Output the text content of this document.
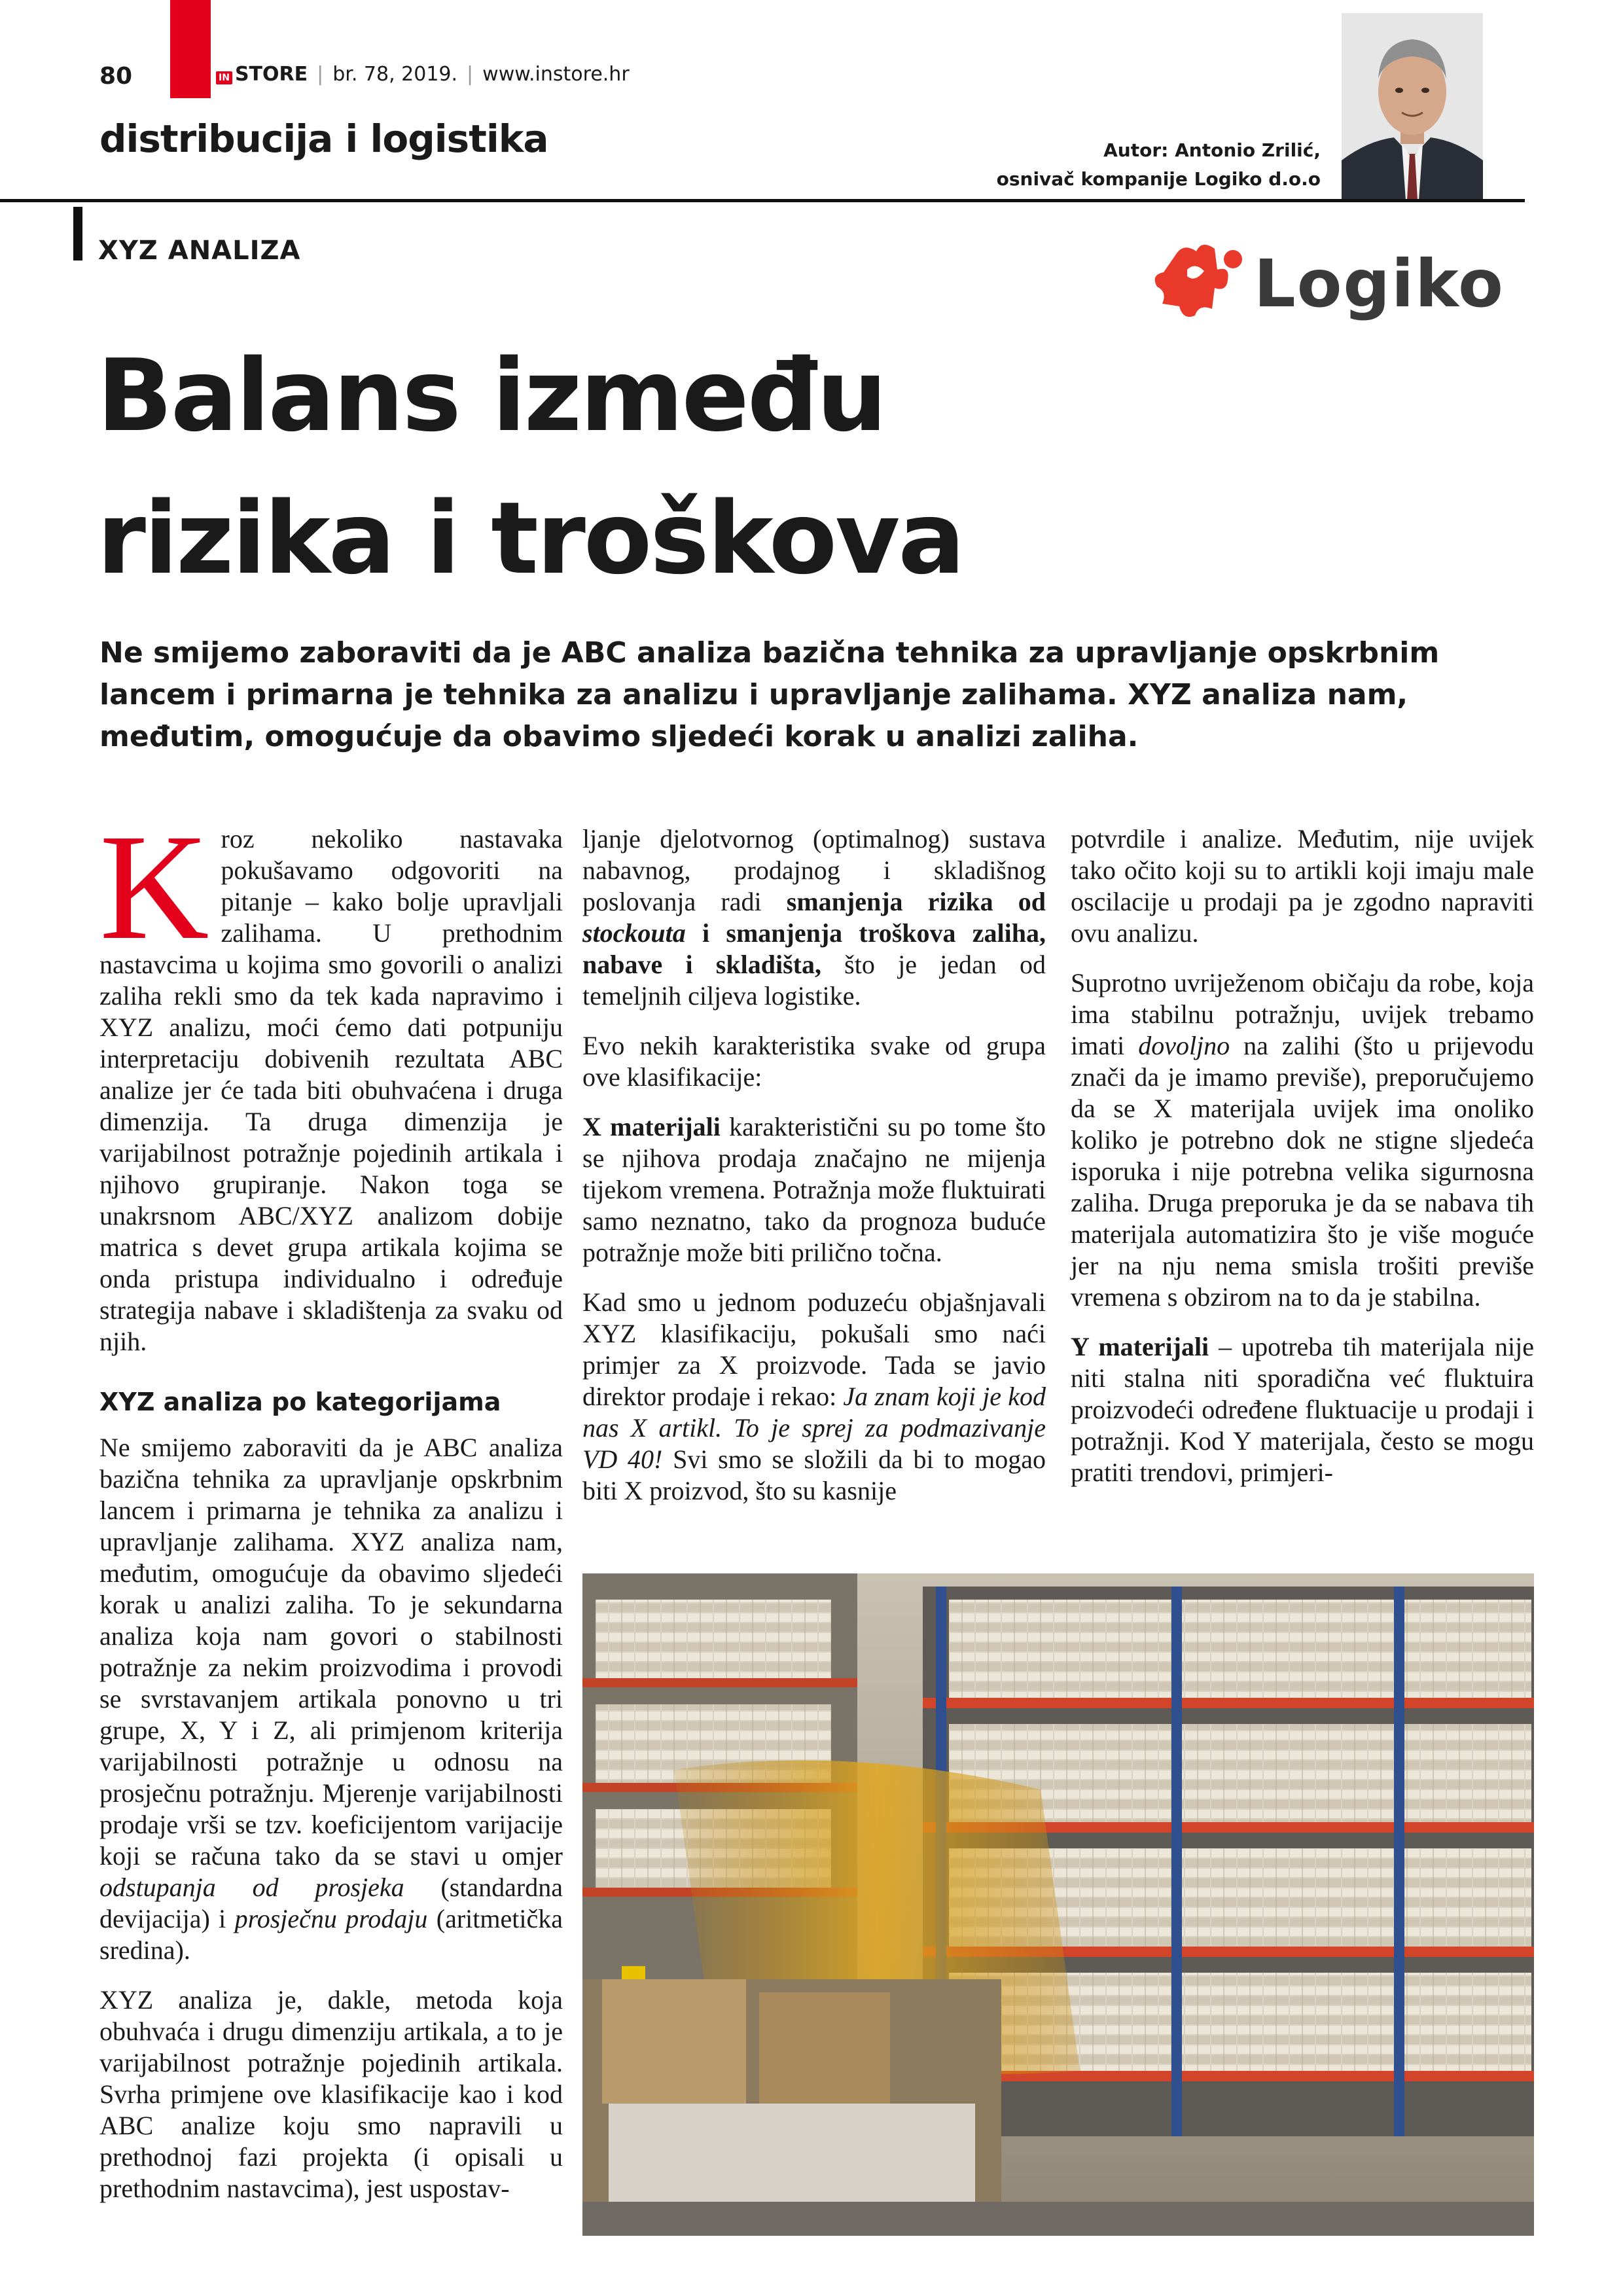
80	IN STORE | br. 78, 2019. | www.instore.hr
distribucija i logistika	Autor: Antonio Zrilić,
osnivač kompanije Logiko d.o.o
XYZ ANALIZA	Logiko
Balans između
rizika i troškova
Ne smijemo zaboraviti da je ABC analiza bazična tehnika za upravljanje opskrbnim lancem i primarna je tehnika za analizu i upravljanje zalihama. XYZ analiza nam, međutim, omogućuje da obavimo sljedeći korak u analizi zaliha.

Kroz nekoliko nastavaka pokušavamo odgovoriti na pitanje – kako bolje upravljali zalihama. U prethodnim nastavcima u kojima smo govorili o analizi zaliha rekli smo da tek kada napravimo i XYZ analizu, moći ćemo dati potpuniju interpretaciju dobivenih rezultata ABC analize jer će tada biti obuhvaćena i druga dimenzija. Ta druga dimenzija je varijabilnost potražnje pojedinih artikala i njihovo grupiranje. Nakon toga se unakrsnom ABC/XYZ analizom dobije matrica s devet grupa artikala kojima se onda pristupa individualno i određuje strategija nabave i skladištenja za svaku od njih.

XYZ analiza po kategorijama

Ne smijemo zaboraviti da je ABC analiza bazična tehnika za upravljanje opskrbnim lancem i primarna je tehnika za analizu i upravljanje zalihama. XYZ analiza nam, međutim, omogućuje da obavimo sljedeći korak u analizi zaliha. To je sekundarna analiza koja nam govori o stabilnosti potražnje za nekim proizvodima i provodi se svrstavanjem artikala ponovno u tri grupe, X, Y i Z, ali primjenom kriterija varijabilnosti potražnje u odnosu na prosječnu potražnju. Mjerenje varijabilnosti prodaje vrši se tzv. koeficijentom varijacije koji se računa tako da se stavi u omjer odstupanja od prosjeka (standardna devijacija) i prosječnu prodaju (aritmetička sredina).

XYZ analiza je, dakle, metoda koja obuhvaća i drugu dimenziju artikala, a to je varijabilnost potražnje pojedinih artikala. Svrha primjene ove klasifikacije kao i kod ABC analize koju smo napravili u prethodnoj fazi projekta (i opisali u prethodnim nastavcima), jest uspostav-

ljanje djelotvornog (optimalnog) sustava nabavnog, prodajnog i skladišnog poslovanja radi smanjenja rizika od stockouta i smanjenja troškova zaliha, nabave i skladišta, što je jedan od temeljnih ciljeva logistike.

Evo nekih karakteristika svake od grupa ove klasifikacije:

X materijali karakteristični su po tome što se njihova prodaja značajno ne mijenja tijekom vremena. Potražnja može fluktuirati samo neznatno, tako da prognoza buduće potražnje može biti prilično točna.

Kad smo u jednom poduzeću objašnjavali XYZ klasifikaciju, pokušali smo naći primjer za X proizvode. Tada se javio direktor prodaje i rekao: Ja znam koji je kod nas X artikl. To je sprej za podmazivanje VD 40! Svi smo se složili da bi to mogao biti X proizvod, što su kasnije

potvrdile i analize. Međutim, nije uvijek tako očito koji su to artikli koji imaju male oscilacije u prodaji pa je zgodno napraviti ovu analizu.

Suprotno uvriježenom običaju da robe, koja ima stabilnu potražnju, uvijek trebamo imati dovoljno na zalihi (što u prijevodu znači da je imamo previše), preporučujemo da se X materijala uvijek ima onoliko koliko je potrebno dok ne stigne sljedeća isporuka i nije potrebna velika sigurnosna zaliha. Druga preporuka je da se nabava tih materijala automatizira što je više moguće jer na nju nema smisla trošiti previše vremena s obzirom na to da je stabilna.

Y materijali – upotreba tih materijala nije niti stalna niti sporadična već fluktuira proizvodeći određene fluktuacije u prodaji i potražnji. Kod Y materijala, često se mogu pratiti trendovi, primjeri-
